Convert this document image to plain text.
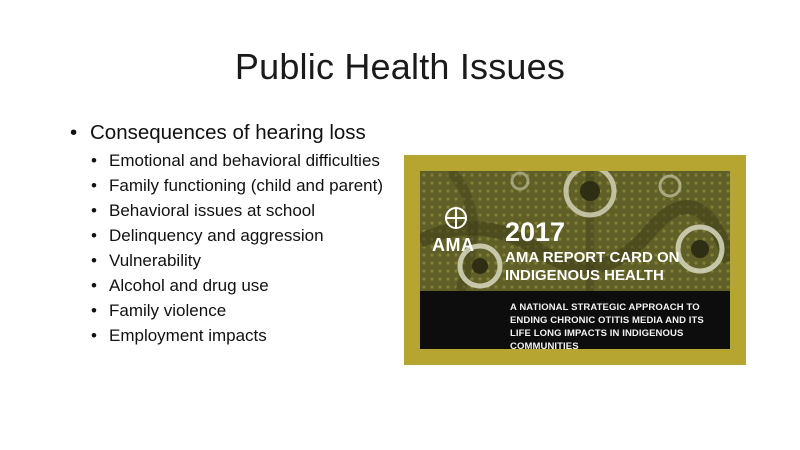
Public Health Issues
• Consequences of hearing loss
• Emotional and behavioral difficulties
• Family functioning (child and parent)
• Behavioral issues at school
• Delinquency and aggression
• Vulnerability
• Alcohol and drug use
• Family violence
• Employment impacts
AMA 2017
AMA REPORT CARD ON
INDIGENOUS HEALTH
A NATIONAL STRATEGIC APPROACH TO ENDING CHRONIC OTITIS MEDIA AND ITS LIFE LONG IMPACTS IN INDIGENOUS COMMUNITIES
